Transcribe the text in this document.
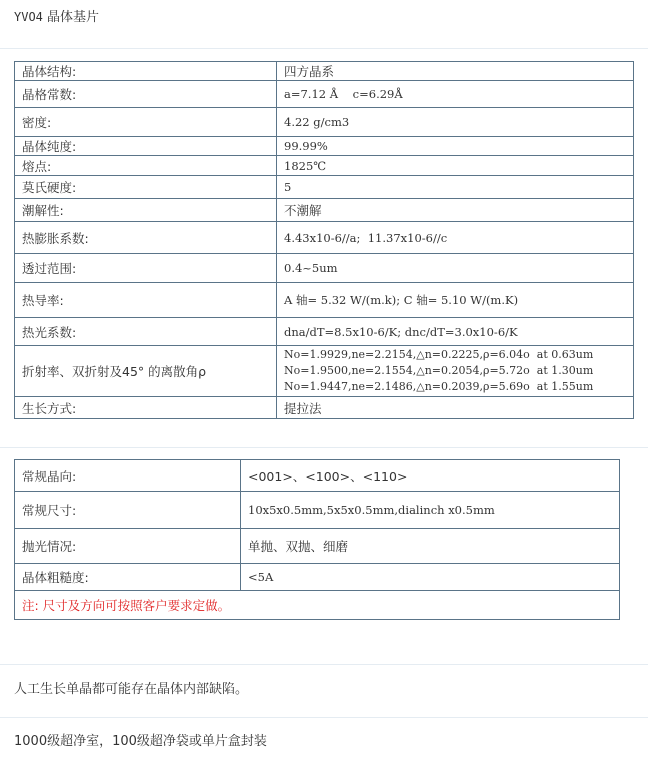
YVO4 晶体基片
晶体结构:	四方晶系
晶格常数:	a=7.12 Å    c=6.29Å
密度:	4.22 g/cm3
晶体纯度:	99.99%
熔点:	1825℃
莫氏硬度:	5
潮解性:	不潮解
热膨胀系数:	4.43x10-6//a;  11.37x10-6//c
透过范围:	0.4~5um
热导率:	A 轴= 5.32 W/(m.k); C 轴= 5.10 W/(m.K)
热光系数:	dna/dT=8.5x10-6/K; dnc/dT=3.0x10-6/K
折射率、双折射及45° 的离散角ρ	No=1.9929,ne=2.2154,△n=0.2225,ρ=6.04o  at 0.63um
No=1.9500,ne=2.1554,△n=0.2054,ρ=5.72o  at 1.30um
No=1.9447,ne=2.1486,△n=0.2039,ρ=5.69o  at 1.55um

生长方式:	提拉法
常规晶向:	<001>、<100>、<110>
常规尺寸:	10x5x0.5mm,5x5x0.5mm,dialinch x0.5mm
抛光情况:	单抛、双抛、细磨
晶体粗糙度:	<5A
注: 尺寸及方向可按照客户要求定做。	
人工生长单晶都可能存在晶体内部缺陷。
1000级超净室，100级超净袋或单片盒封装
